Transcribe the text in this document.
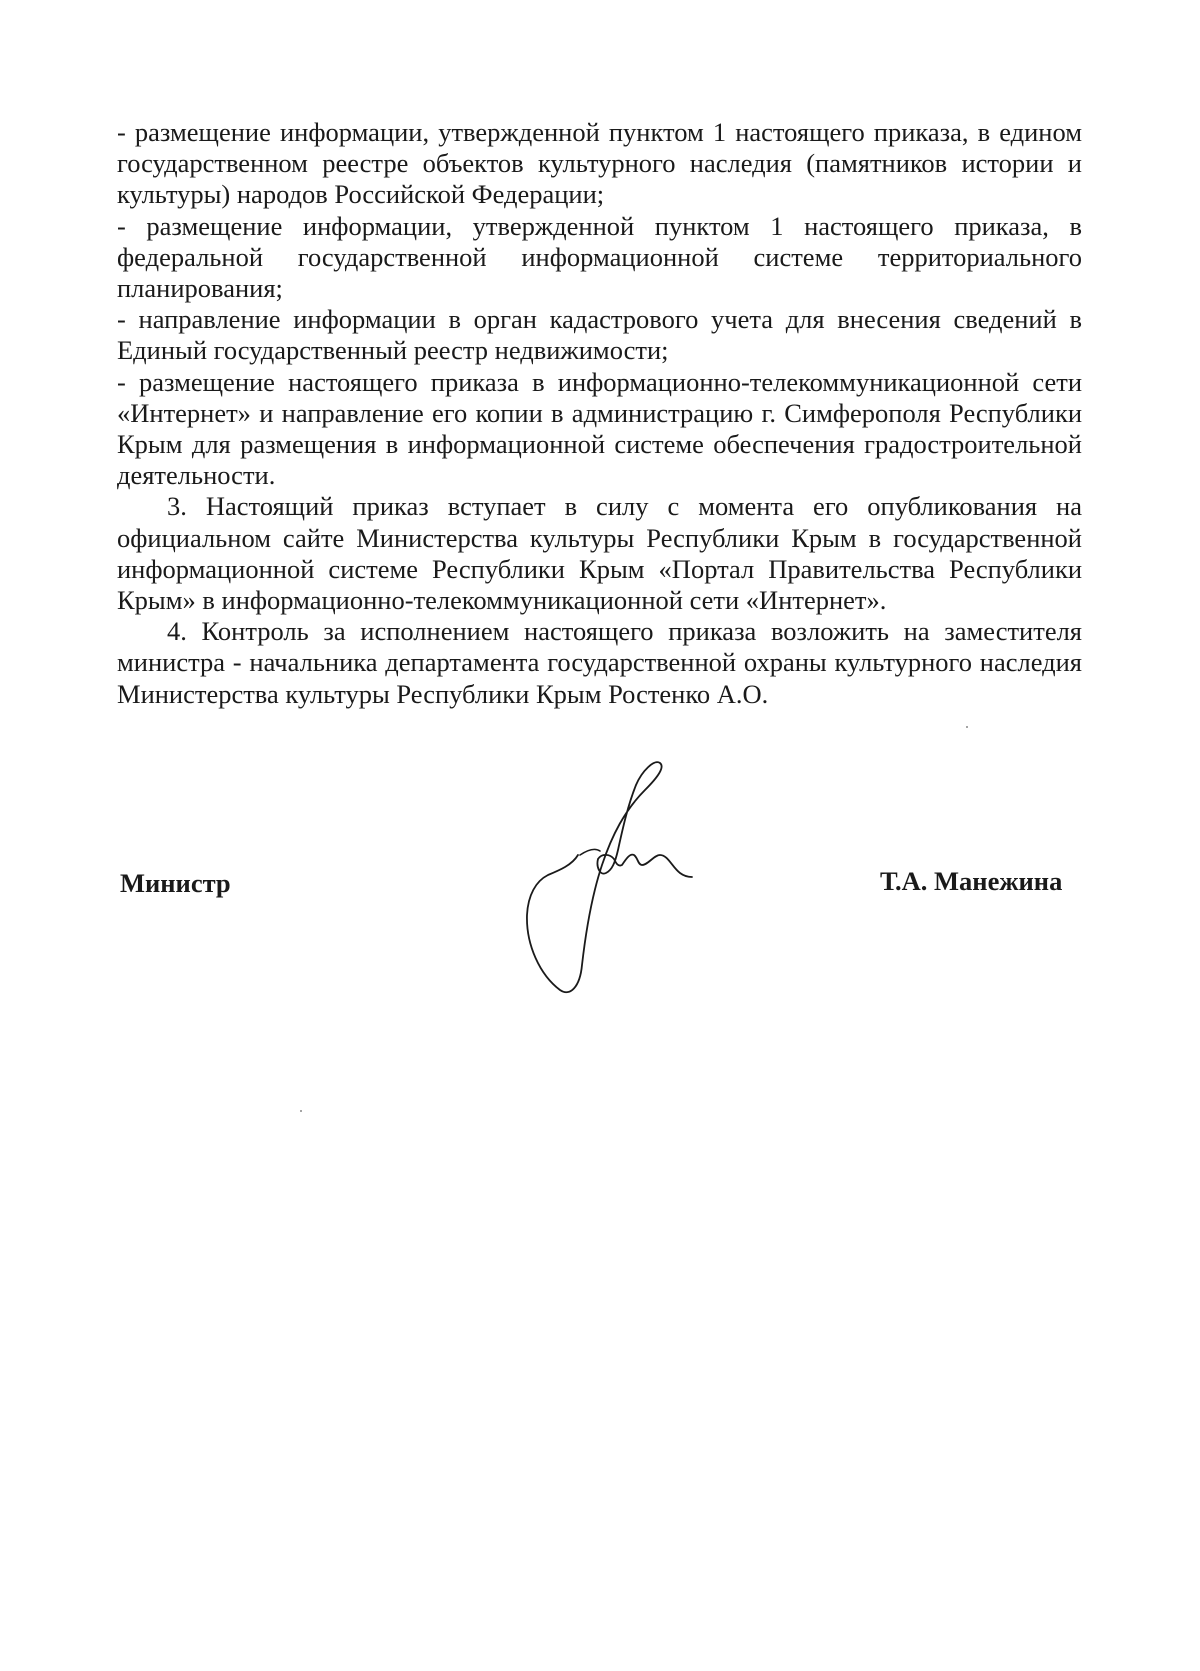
- размещение информации, утвержденной пунктом 1 настоящего приказа, в едином государственном реестре объектов культурного наследия (памятников истории и культуры) народов Российской Федерации;

- размещение информации, утвержденной пунктом 1 настоящего приказа, в федеральной государственной информационной системе территориального планирования;

- направление информации в орган кадастрового учета для внесения сведений в Единый государственный реестр недвижимости;

- размещение настоящего приказа в информационно-телекоммуникационной сети «Интернет» и направление его копии в администрацию г. Симферополя Республики Крым для размещения в информационной системе обеспечения градостроительной деятельности.

3. Настоящий приказ вступает в силу с момента его опубликования на официальном сайте Министерства культуры Республики Крым в государственной информационной системе Республики Крым «Портал Правительства Республики Крым» в информационно-телекоммуникационной сети «Интернет».

4. Контроль за исполнением настоящего приказа возложить на заместителя министра - начальника департамента государственной охраны культурного наследия Министерства культуры Республики Крым Ростенко А.О.

Министр	Т.А. Манежина
